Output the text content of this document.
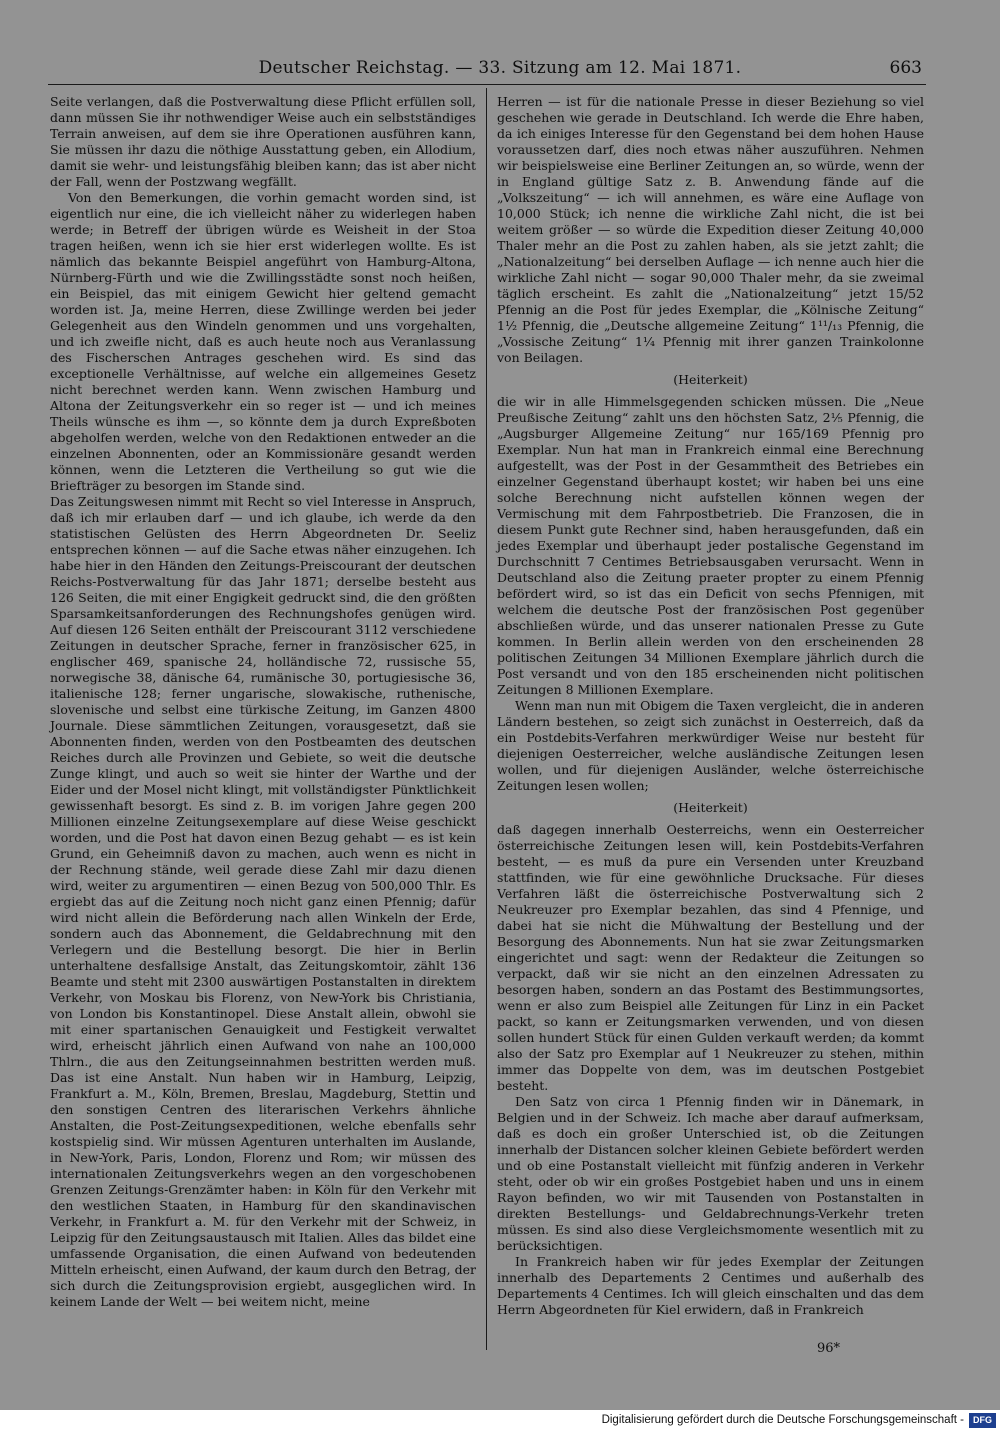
Deutscher Reichstag. — 33. Sitzung am 12. Mai 1871.	663

Seite verlangen, daß die Postverwaltung diese Pflicht erfüllen soll, dann müssen Sie ihr nothwendiger Weise auch ein selbstständiges Terrain anweisen, auf dem sie ihre Operationen ausführen kann, Sie müssen ihr dazu die nöthige Ausstattung geben, ein Allodium, damit sie wehr- und leistungsfähig bleiben kann; das ist aber nicht der Fall, wenn der Postzwang wegfällt.

Von den Bemerkungen, die vorhin gemacht worden sind, ist eigentlich nur eine, die ich vielleicht näher zu widerlegen haben werde; in Betreff der übrigen würde es Weisheit in der Stoa tragen heißen, wenn ich sie hier erst widerlegen wollte. Es ist nämlich das bekannte Beispiel angeführt von Hamburg-Altona, Nürnberg-Fürth und wie die Zwillingsstädte sonst noch heißen, ein Beispiel, das mit einigem Gewicht hier geltend gemacht worden ist. Ja, meine Herren, diese Zwillinge werden bei jeder Gelegenheit aus den Windeln genommen und uns vorgehalten, und ich zweifle nicht, daß es auch heute noch aus Veranlassung des Fischerschen Antrages geschehen wird. Es sind das exceptionelle Verhältnisse, auf welche ein allgemeines Gesetz nicht berechnet werden kann. Wenn zwischen Hamburg und Altona der Zeitungsverkehr ein so reger ist — und ich meines Theils wünsche es ihm —, so könnte dem ja durch Expreßboten abgeholfen werden, welche von den Redaktionen entweder an die einzelnen Abonnenten, oder an Kommissionäre gesandt werden können, wenn die Letzteren die Vertheilung so gut wie die Briefträger zu besorgen im Stande sind.

Das Zeitungswesen nimmt mit Recht so viel Interesse in Anspruch, daß ich mir erlauben darf — und ich glaube, ich werde da den statistischen Gelüsten des Herrn Abgeordneten Dr. Seeliz entsprechen können — auf die Sache etwas näher einzugehen. Ich habe hier in den Händen den Zeitungs-Preiscourant der deutschen Reichs-Postverwaltung für das Jahr 1871; derselbe besteht aus 126 Seiten, die mit einer Engigkeit gedruckt sind, die den größten Sparsamkeitsanforderungen des Rechnungshofes genügen wird. Auf diesen 126 Seiten enthält der Preiscourant 3112 verschiedene Zeitungen in deutscher Sprache, ferner in französischer 625, in englischer 469, spanische 24, holländische 72, russische 55, norwegische 38, dänische 64, rumänische 30, portugiesische 36, italienische 128; ferner ungarische, slowakische, ruthenische, slovenische und selbst eine türkische Zeitung, im Ganzen 4800 Journale. Diese sämmtlichen Zeitungen, vorausgesetzt, daß sie Abonnenten finden, werden von den Postbeamten des deutschen Reiches durch alle Provinzen und Gebiete, so weit die deutsche Zunge klingt, und auch so weit sie hinter der Warthe und der Eider und der Mosel nicht klingt, mit vollständigster Pünktlichkeit gewissenhaft besorgt. Es sind z. B. im vorigen Jahre gegen 200 Millionen einzelne Zeitungsexemplare auf diese Weise geschickt worden, und die Post hat davon einen Bezug gehabt — es ist kein Grund, ein Geheimniß davon zu machen, auch wenn es nicht in der Rechnung stände, weil gerade diese Zahl mir dazu dienen wird, weiter zu argumentiren — einen Bezug von 500,000 Thlr. Es ergiebt das auf die Zeitung noch nicht ganz einen Pfennig; dafür wird nicht allein die Beförderung nach allen Winkeln der Erde, sondern auch das Abonnement, die Geldabrechnung mit den Verlegern und die Bestellung besorgt. Die hier in Berlin unterhaltene desfallsige Anstalt, das Zeitungskomtoir, zählt 136 Beamte und steht mit 2300 auswärtigen Postanstalten in direktem Verkehr, von Moskau bis Florenz, von New-York bis Christiania, von London bis Konstantinopel. Diese Anstalt allein, obwohl sie mit einer spartanischen Genauigkeit und Festigkeit verwaltet wird, erheischt jährlich einen Aufwand von nahe an 100,000 Thlrn., die aus den Zeitungseinnahmen bestritten werden muß. Das ist eine Anstalt. Nun haben wir in Hamburg, Leipzig, Frankfurt a. M., Köln, Bremen, Breslau, Magdeburg, Stettin und den sonstigen Centren des literarischen Verkehrs ähnliche Anstalten, die Post-Zeitungsexpeditionen, welche ebenfalls sehr kostspielig sind. Wir müssen Agenturen unterhalten im Auslande, in New-York, Paris, London, Florenz und Rom; wir müssen des internationalen Zeitungsverkehrs wegen an den vorgeschobenen Grenzen Zeitungs-Grenzämter haben: in Köln für den Verkehr mit den westlichen Staaten, in Hamburg für den skandinavischen Verkehr, in Frankfurt a. M. für den Verkehr mit der Schweiz, in Leipzig für den Zeitungsaustausch mit Italien. Alles das bildet eine umfassende Organisation, die einen Aufwand von bedeutenden Mitteln erheischt, einen Aufwand, der kaum durch den Betrag, der sich durch die Zeitungsprovision ergiebt, ausgeglichen wird. In keinem Lande der Welt — bei weitem nicht, meine

Herren — ist für die nationale Presse in dieser Beziehung so viel geschehen wie gerade in Deutschland. Ich werde die Ehre haben, da ich einiges Interesse für den Gegenstand bei dem hohen Hause voraussetzen darf, dies noch etwas näher auszuführen. Nehmen wir beispielsweise eine Berliner Zeitungen an, so würde, wenn der in England gültige Satz z. B. Anwendung fände auf die „Volkszeitung“ — ich will annehmen, es wäre eine Auflage von 10,000 Stück; ich nenne die wirkliche Zahl nicht, die ist bei weitem größer — so würde die Expedition dieser Zeitung 40,000 Thaler mehr an die Post zu zahlen haben, als sie jetzt zahlt; die „Nationalzeitung“ bei derselben Auflage — ich nenne auch hier die wirkliche Zahl nicht — sogar 90,000 Thaler mehr, da sie zweimal täglich erscheint. Es zahlt die „Nationalzeitung“ jetzt 15/52 Pfennig an die Post für jedes Exemplar, die „Kölnische Zeitung“ 1½ Pfennig, die „Deutsche allgemeine Zeitung“ 1¹¹/₁₃ Pfennig, die „Vossische Zeitung“ 1¼ Pfennig mit ihrer ganzen Trainkolonne von Beilagen.

(Heiterkeit)

die wir in alle Himmelsgegenden schicken müssen. Die „Neue Preußische Zeitung“ zahlt uns den höchsten Satz, 2⅕ Pfennig, die „Augsburger Allgemeine Zeitung“ nur 165/169 Pfennig pro Exemplar. Nun hat man in Frankreich einmal eine Berechnung aufgestellt, was der Post in der Gesammtheit des Betriebes ein einzelner Gegenstand überhaupt kostet; wir haben bei uns eine solche Berechnung nicht aufstellen können wegen der Vermischung mit dem Fahrpostbetrieb. Die Franzosen, die in diesem Punkt gute Rechner sind, haben herausgefunden, daß ein jedes Exemplar und überhaupt jeder postalische Gegenstand im Durchschnitt 7 Centimes Betriebsausgaben verursacht. Wenn in Deutschland also die Zeitung praeter propter zu einem Pfennig befördert wird, so ist das ein Deficit von sechs Pfennigen, mit welchem die deutsche Post der französischen Post gegenüber abschließen würde, und das unserer nationalen Presse zu Gute kommen. In Berlin allein werden von den erscheinenden 28 politischen Zeitungen 34 Millionen Exemplare jährlich durch die Post versandt und von den 185 erscheinenden nicht politischen Zeitungen 8 Millionen Exemplare.

Wenn man nun mit Obigem die Taxen vergleicht, die in anderen Ländern bestehen, so zeigt sich zunächst in Oesterreich, daß da ein Postdebits-Verfahren merkwürdiger Weise nur besteht für diejenigen Oesterreicher, welche ausländische Zeitungen lesen wollen, und für diejenigen Ausländer, welche österreichische Zeitungen lesen wollen;

(Heiterkeit)

daß dagegen innerhalb Oesterreichs, wenn ein Oesterreicher österreichische Zeitungen lesen will, kein Postdebits-Verfahren besteht, — es muß da pure ein Versenden unter Kreuzband stattfinden, wie für eine gewöhnliche Drucksache. Für dieses Verfahren läßt die österreichische Postverwaltung sich 2 Neukreuzer pro Exemplar bezahlen, das sind 4 Pfennige, und dabei hat sie nicht die Mühwaltung der Bestellung und der Besorgung des Abonnements. Nun hat sie zwar Zeitungsmarken eingerichtet und sagt: wenn der Redakteur die Zeitungen so verpackt, daß wir sie nicht an den einzelnen Adressaten zu besorgen haben, sondern an das Postamt des Bestimmungsortes, wenn er also zum Beispiel alle Zeitungen für Linz in ein Packet packt, so kann er Zeitungsmarken verwenden, und von diesen sollen hundert Stück für einen Gulden verkauft werden; da kommt also der Satz pro Exemplar auf 1 Neukreuzer zu stehen, mithin immer das Doppelte von dem, was im deutschen Postgebiet besteht.

Den Satz von circa 1 Pfennig finden wir in Dänemark, in Belgien und in der Schweiz. Ich mache aber darauf aufmerksam, daß es doch ein großer Unterschied ist, ob die Zeitungen innerhalb der Distancen solcher kleinen Gebiete befördert werden und ob eine Postanstalt vielleicht mit fünfzig anderen in Verkehr steht, oder ob wir ein großes Postgebiet haben und uns in einem Rayon befinden, wo wir mit Tausenden von Postanstalten in direkten Bestellungs- und Geldabrechnungs-Verkehr treten müssen. Es sind also diese Vergleichsmomente wesentlich mit zu berücksichtigen.

In Frankreich haben wir für jedes Exemplar der Zeitungen innerhalb des Departements 2 Centimes und außerhalb des Departements 4 Centimes. Ich will gleich einschalten und das dem Herrn Abgeordneten für Kiel erwidern, daß in Frankreich

96*
Digitalisierung gefördert durch die Deutsche Forschungsgemeinschaft -	DFG
